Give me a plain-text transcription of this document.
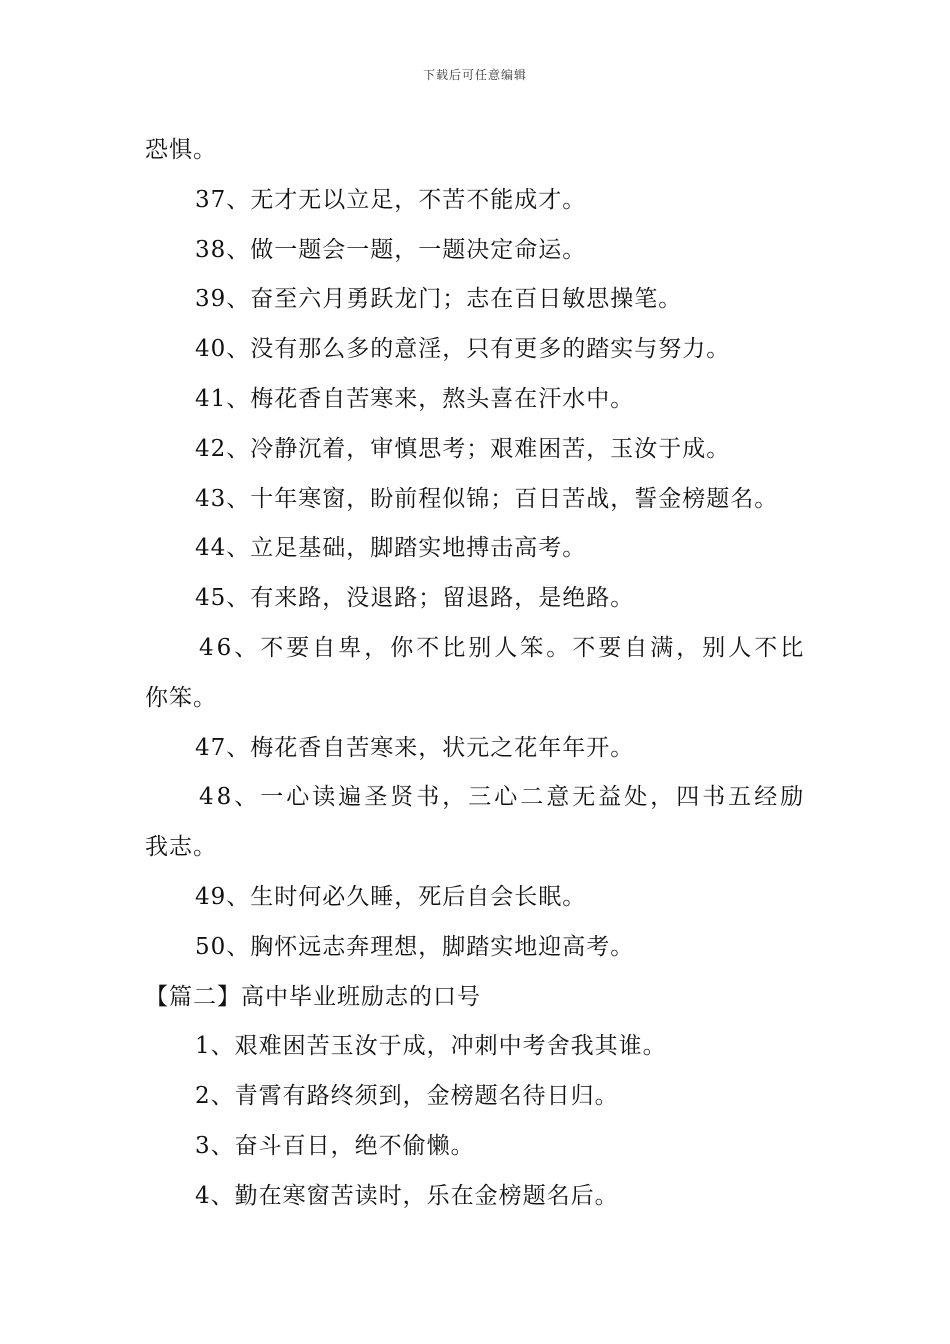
下载后可任意编辑
恐惧。
37、无才无以立足，不苦不能成才。
38、做一题会一题，一题决定命运。
39、奋至六月勇跃龙门；志在百日敏思操笔。
40、没有那么多的意淫，只有更多的踏实与努力。
41、梅花香自苦寒来，熬头喜在汗水中。
42、冷静沉着，审慎思考；艰难困苦，玉汝于成。
43、十年寒窗，盼前程似锦；百日苦战，誓金榜题名。
44、立足基础，脚踏实地搏击高考。
45、有来路，没退路；留退路，是绝路。
46、不要自卑，你不比别人笨。不要自满，别人不比
你笨。
47、梅花香自苦寒来，状元之花年年开。
48、一心读遍圣贤书，三心二意无益处，四书五经励
我志。
49、生时何必久睡，死后自会长眠。
50、胸怀远志奔理想，脚踏实地迎高考。
【篇二】高中毕业班励志的口号
1、艰难困苦玉汝于成，冲刺中考舍我其谁。
2、青霄有路终须到，金榜题名待日归。
3、奋斗百日，绝不偷懒。
4、勤在寒窗苦读时，乐在金榜题名后。
